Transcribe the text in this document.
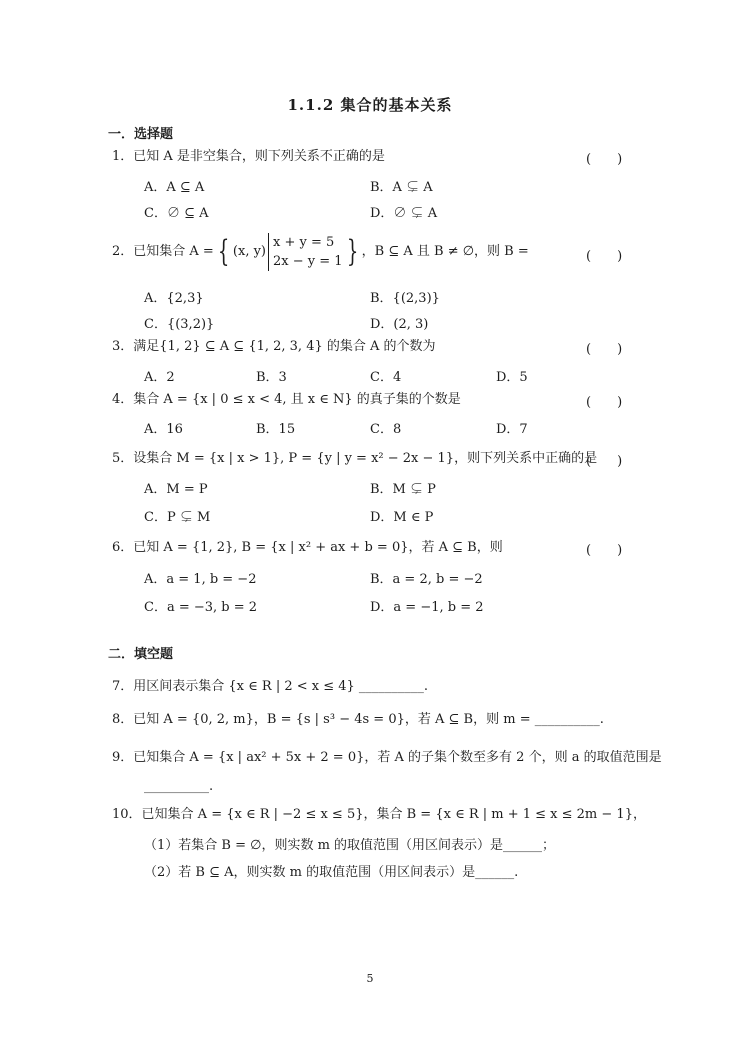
1.1.2 集合的基本关系
一．选择题
1．已知 A 是非空集合，则下列关系不正确的是	(　　)
A．A ⊆ A	B．A ⊊ A
C．∅ ⊆ A	D．∅ ⊊ A
2．已知集合 A = { (x, y)
x + y = 5
2x − y = 1 } ，B ⊆ A 且 B ≠ ∅，则 B =	(　　)
A．{2,3}	B．{(2,3)}
C．{(3,2)}	D．(2, 3)
3．满足{1, 2} ⊆ A ⊆ {1, 2, 3, 4} 的集合 A 的个数为	(　　)
A．2	B．3	C．4	D．5
4．集合 A = {x | 0 ≤ x < 4, 且 x ∈ N} 的真子集的个数是	(　　)
A．16	B．15	C．8	D．7
5．设集合 M = {x | x > 1}, P = {y | y = x² − 2x − 1}，则下列关系中正确的是
(　　)
A．M = P	B．M ⊊ P
C．P ⊊ M	D．M ∈ P
6．已知 A = {1, 2}, B = {x | x² + ax + b = 0}，若 A ⊆ B，则	(　　)
A．a = 1, b = −2	B．a = 2, b = −2
C．a = −3, b = 2	D．a = −1, b = 2
二．填空题
7．用区间表示集合 {x ∈ R | 2 < x ≤ 4} __________.
8．已知 A = {0, 2, m}，B = {s | s³ − 4s = 0}，若 A ⊆ B，则 m = __________.
9．已知集合 A = {x | ax² + 5x + 2 = 0}，若 A 的子集个数至多有 2 个，则 a 的取值范围是
__________.
10．已知集合 A = {x ∈ R | −2 ≤ x ≤ 5}，集合 B = {x ∈ R | m + 1 ≤ x ≤ 2m − 1}，
（1）若集合 B = ∅，则实数 m 的取值范围（用区间表示）是______；
（2）若 B ⊆ A，则实数 m 的取值范围（用区间表示）是______.
5
